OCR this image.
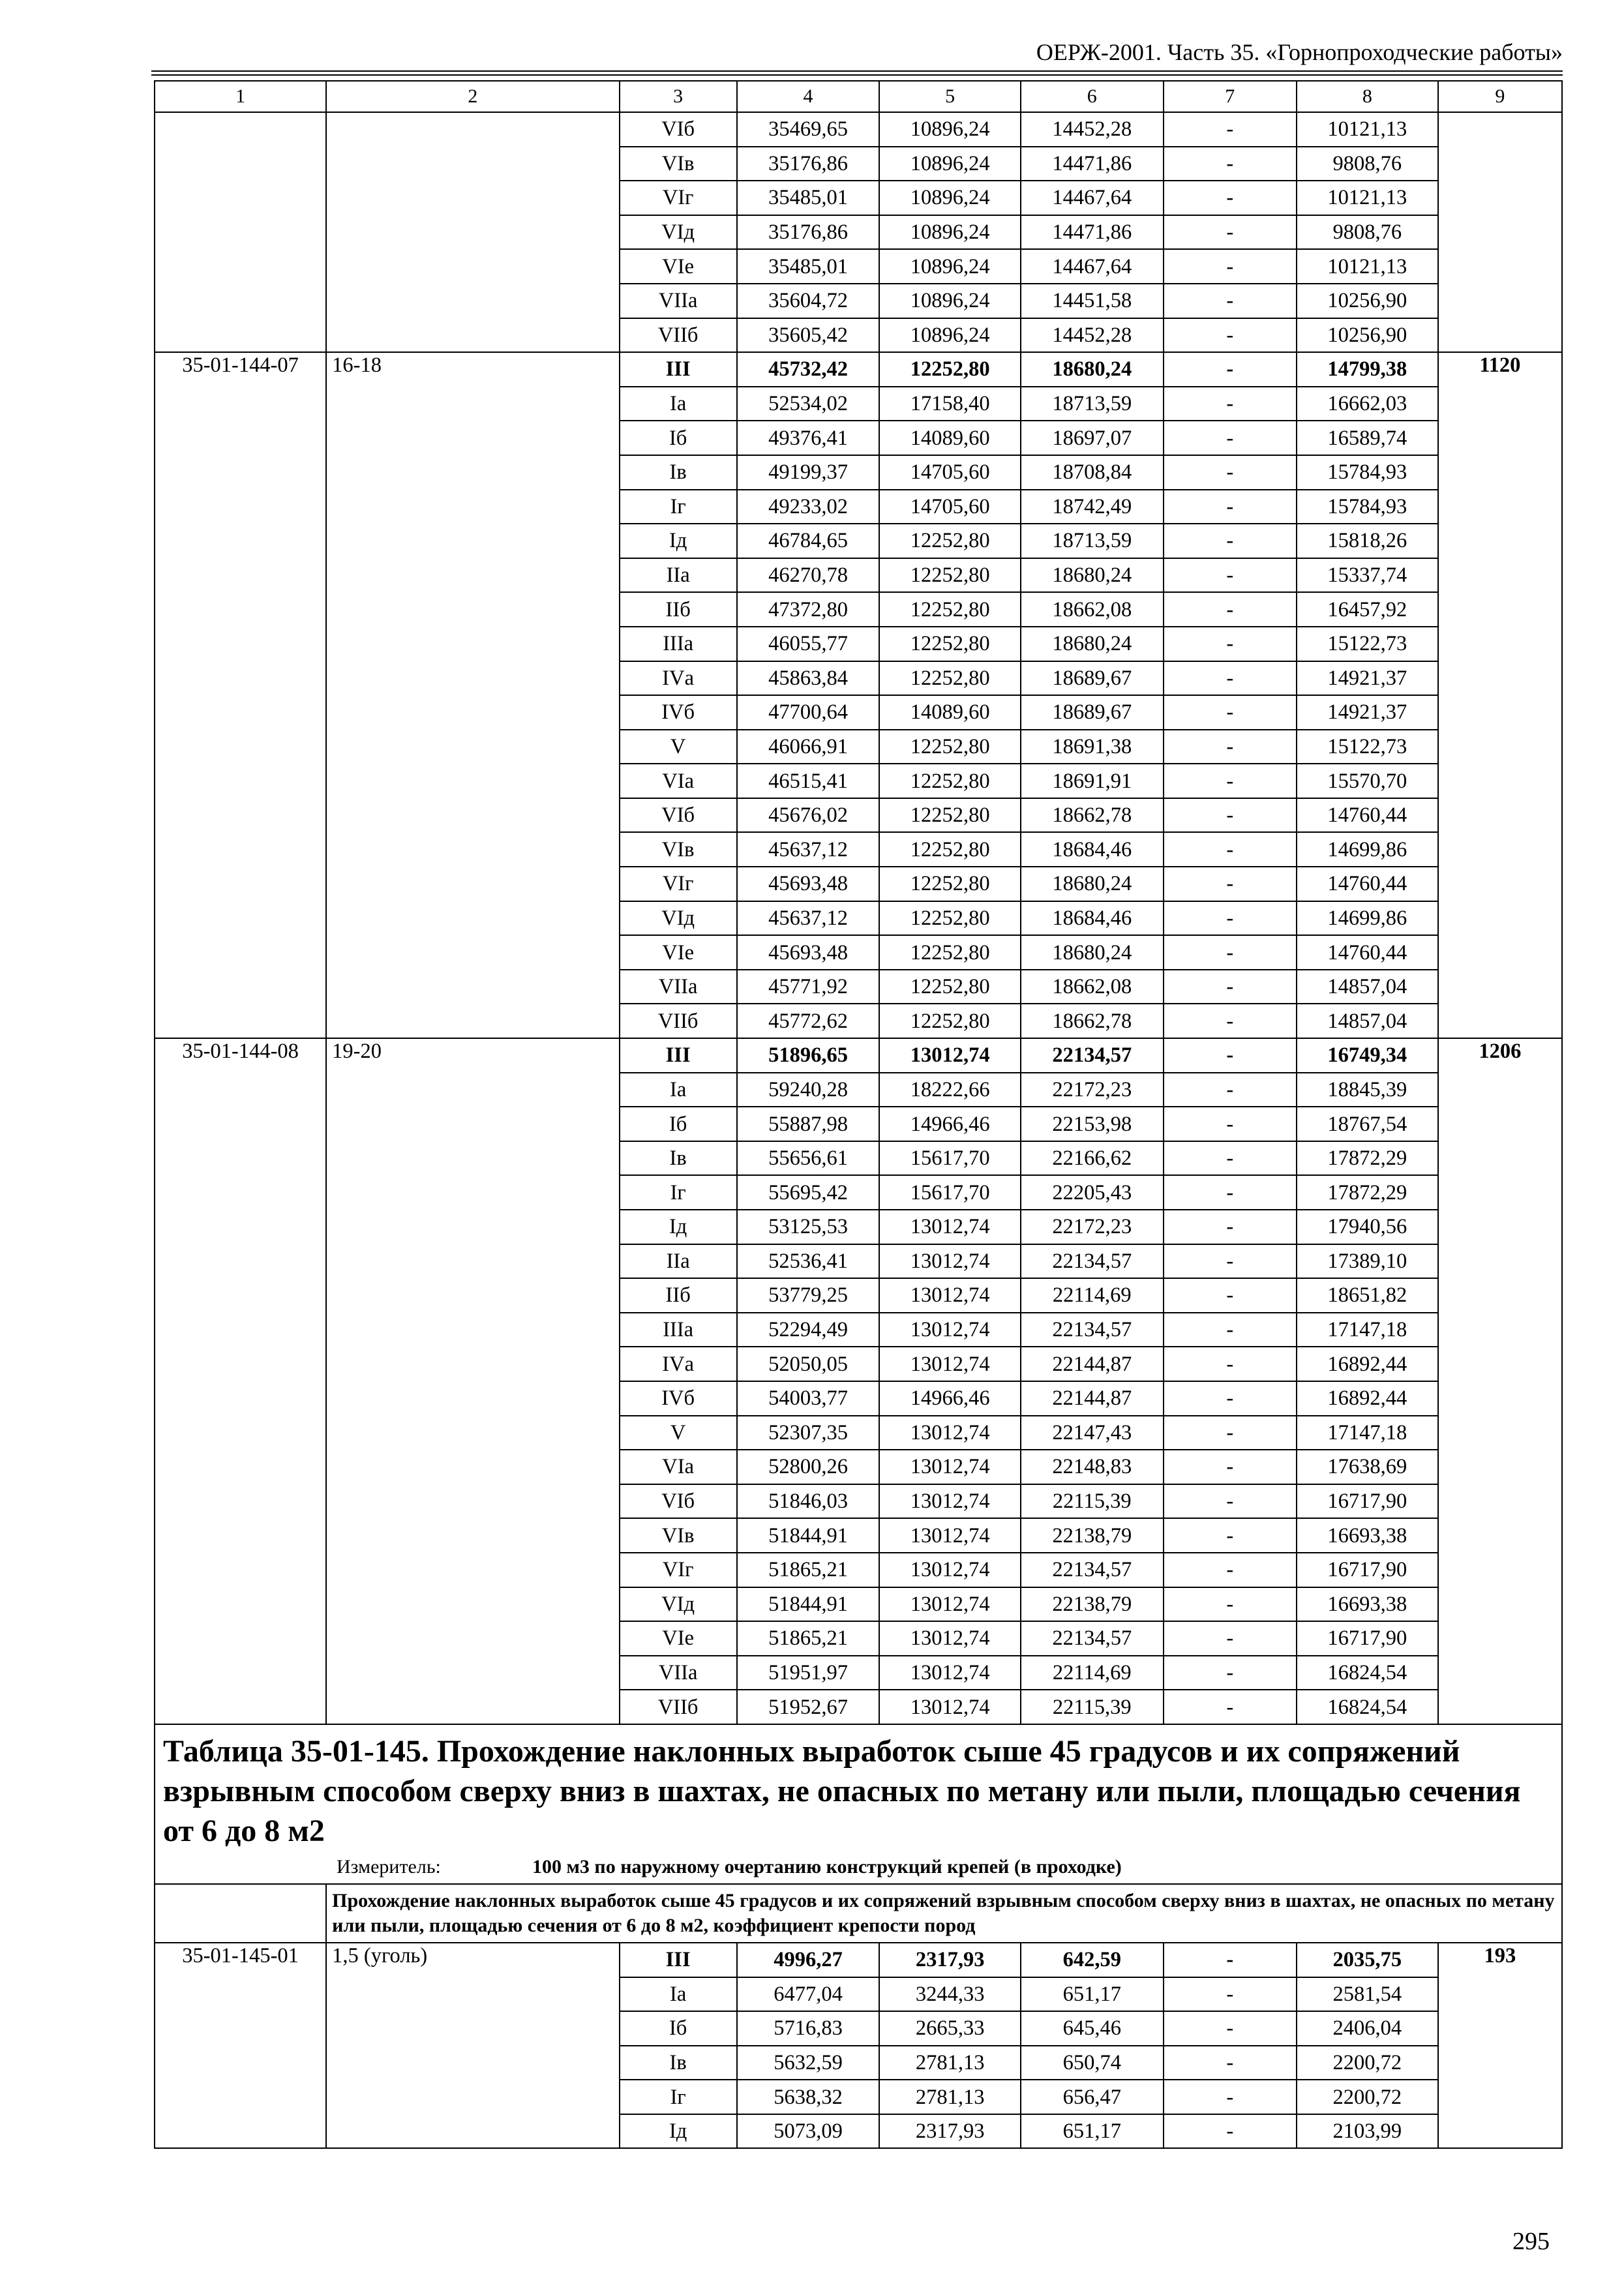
ОЕРЖ-2001. Часть 35. «Горнопроходческие работы»
1	2	3	4	5	6	7	8	9
		VIб	35469,65	10896,24	14452,28	-	10121,13	
		VIв	35176,86	10896,24	14471,86	-	9808,76	
		VIг	35485,01	10896,24	14467,64	-	10121,13	
		VIд	35176,86	10896,24	14471,86	-	9808,76	
		VIе	35485,01	10896,24	14467,64	-	10121,13	
		VIIа	35604,72	10896,24	14451,58	-	10256,90	
		VIIб	35605,42	10896,24	14452,28	-	10256,90	
35-01-144-07	16-18	III	45732,42	12252,80	18680,24	-	14799,38	1120
		Iа	52534,02	17158,40	18713,59	-	16662,03	
		Iб	49376,41	14089,60	18697,07	-	16589,74	
		Iв	49199,37	14705,60	18708,84	-	15784,93	
		Iг	49233,02	14705,60	18742,49	-	15784,93	
		Iд	46784,65	12252,80	18713,59	-	15818,26	
		IIа	46270,78	12252,80	18680,24	-	15337,74	
		IIб	47372,80	12252,80	18662,08	-	16457,92	
		IIIа	46055,77	12252,80	18680,24	-	15122,73	
		IVа	45863,84	12252,80	18689,67	-	14921,37	
		IVб	47700,64	14089,60	18689,67	-	14921,37	
		V	46066,91	12252,80	18691,38	-	15122,73	
		VIа	46515,41	12252,80	18691,91	-	15570,70	
		VIб	45676,02	12252,80	18662,78	-	14760,44	
		VIв	45637,12	12252,80	18684,46	-	14699,86	
		VIг	45693,48	12252,80	18680,24	-	14760,44	
		VIд	45637,12	12252,80	18684,46	-	14699,86	
		VIе	45693,48	12252,80	18680,24	-	14760,44	
		VIIа	45771,92	12252,80	18662,08	-	14857,04	
		VIIб	45772,62	12252,80	18662,78	-	14857,04	
35-01-144-08	19-20	III	51896,65	13012,74	22134,57	-	16749,34	1206
		Iа	59240,28	18222,66	22172,23	-	18845,39	
		Iб	55887,98	14966,46	22153,98	-	18767,54	
		Iв	55656,61	15617,70	22166,62	-	17872,29	
		Iг	55695,42	15617,70	22205,43	-	17872,29	
		Iд	53125,53	13012,74	22172,23	-	17940,56	
		IIа	52536,41	13012,74	22134,57	-	17389,10	
		IIб	53779,25	13012,74	22114,69	-	18651,82	
		IIIа	52294,49	13012,74	22134,57	-	17147,18	
		IVа	52050,05	13012,74	22144,87	-	16892,44	
		IVб	54003,77	14966,46	22144,87	-	16892,44	
		V	52307,35	13012,74	22147,43	-	17147,18	
		VIа	52800,26	13012,74	22148,83	-	17638,69	
		VIб	51846,03	13012,74	22115,39	-	16717,90	
		VIв	51844,91	13012,74	22138,79	-	16693,38	
		VIг	51865,21	13012,74	22134,57	-	16717,90	
		VIд	51844,91	13012,74	22138,79	-	16693,38	
		VIе	51865,21	13012,74	22134,57	-	16717,90	
		VIIа	51951,97	13012,74	22114,69	-	16824,54	
		VIIб	51952,67	13012,74	22115,39	-	16824,54	

Таблица 35-01-145. Прохождение наклонных выработок сыше 45 градусов и их сопряжений взрывным способом сверху вниз в шахтах, не опасных по метану или пыли, площадью сечения от 6 до 8 м2
Измеритель: 100 м3 по наружному очертанию конструкций крепей (в проходке)								

	Прохождение наклонных выработок сыше 45 градусов и их сопряжений взрывным способом сверху вниз в шахтах, не опасных по метану или пыли, площадью сечения от 6 до 8 м2, коэффициент крепости пород							
35-01-145-01	1,5 (уголь)	III	4996,27	2317,93	642,59	-	2035,75	193
		Iа	6477,04	3244,33	651,17	-	2581,54	
		Iб	5716,83	2665,33	645,46	-	2406,04	
		Iв	5632,59	2781,13	650,74	-	2200,72	
		Iг	5638,32	2781,13	656,47	-	2200,72	
		Iд	5073,09	2317,93	651,17	-	2103,99	
295
